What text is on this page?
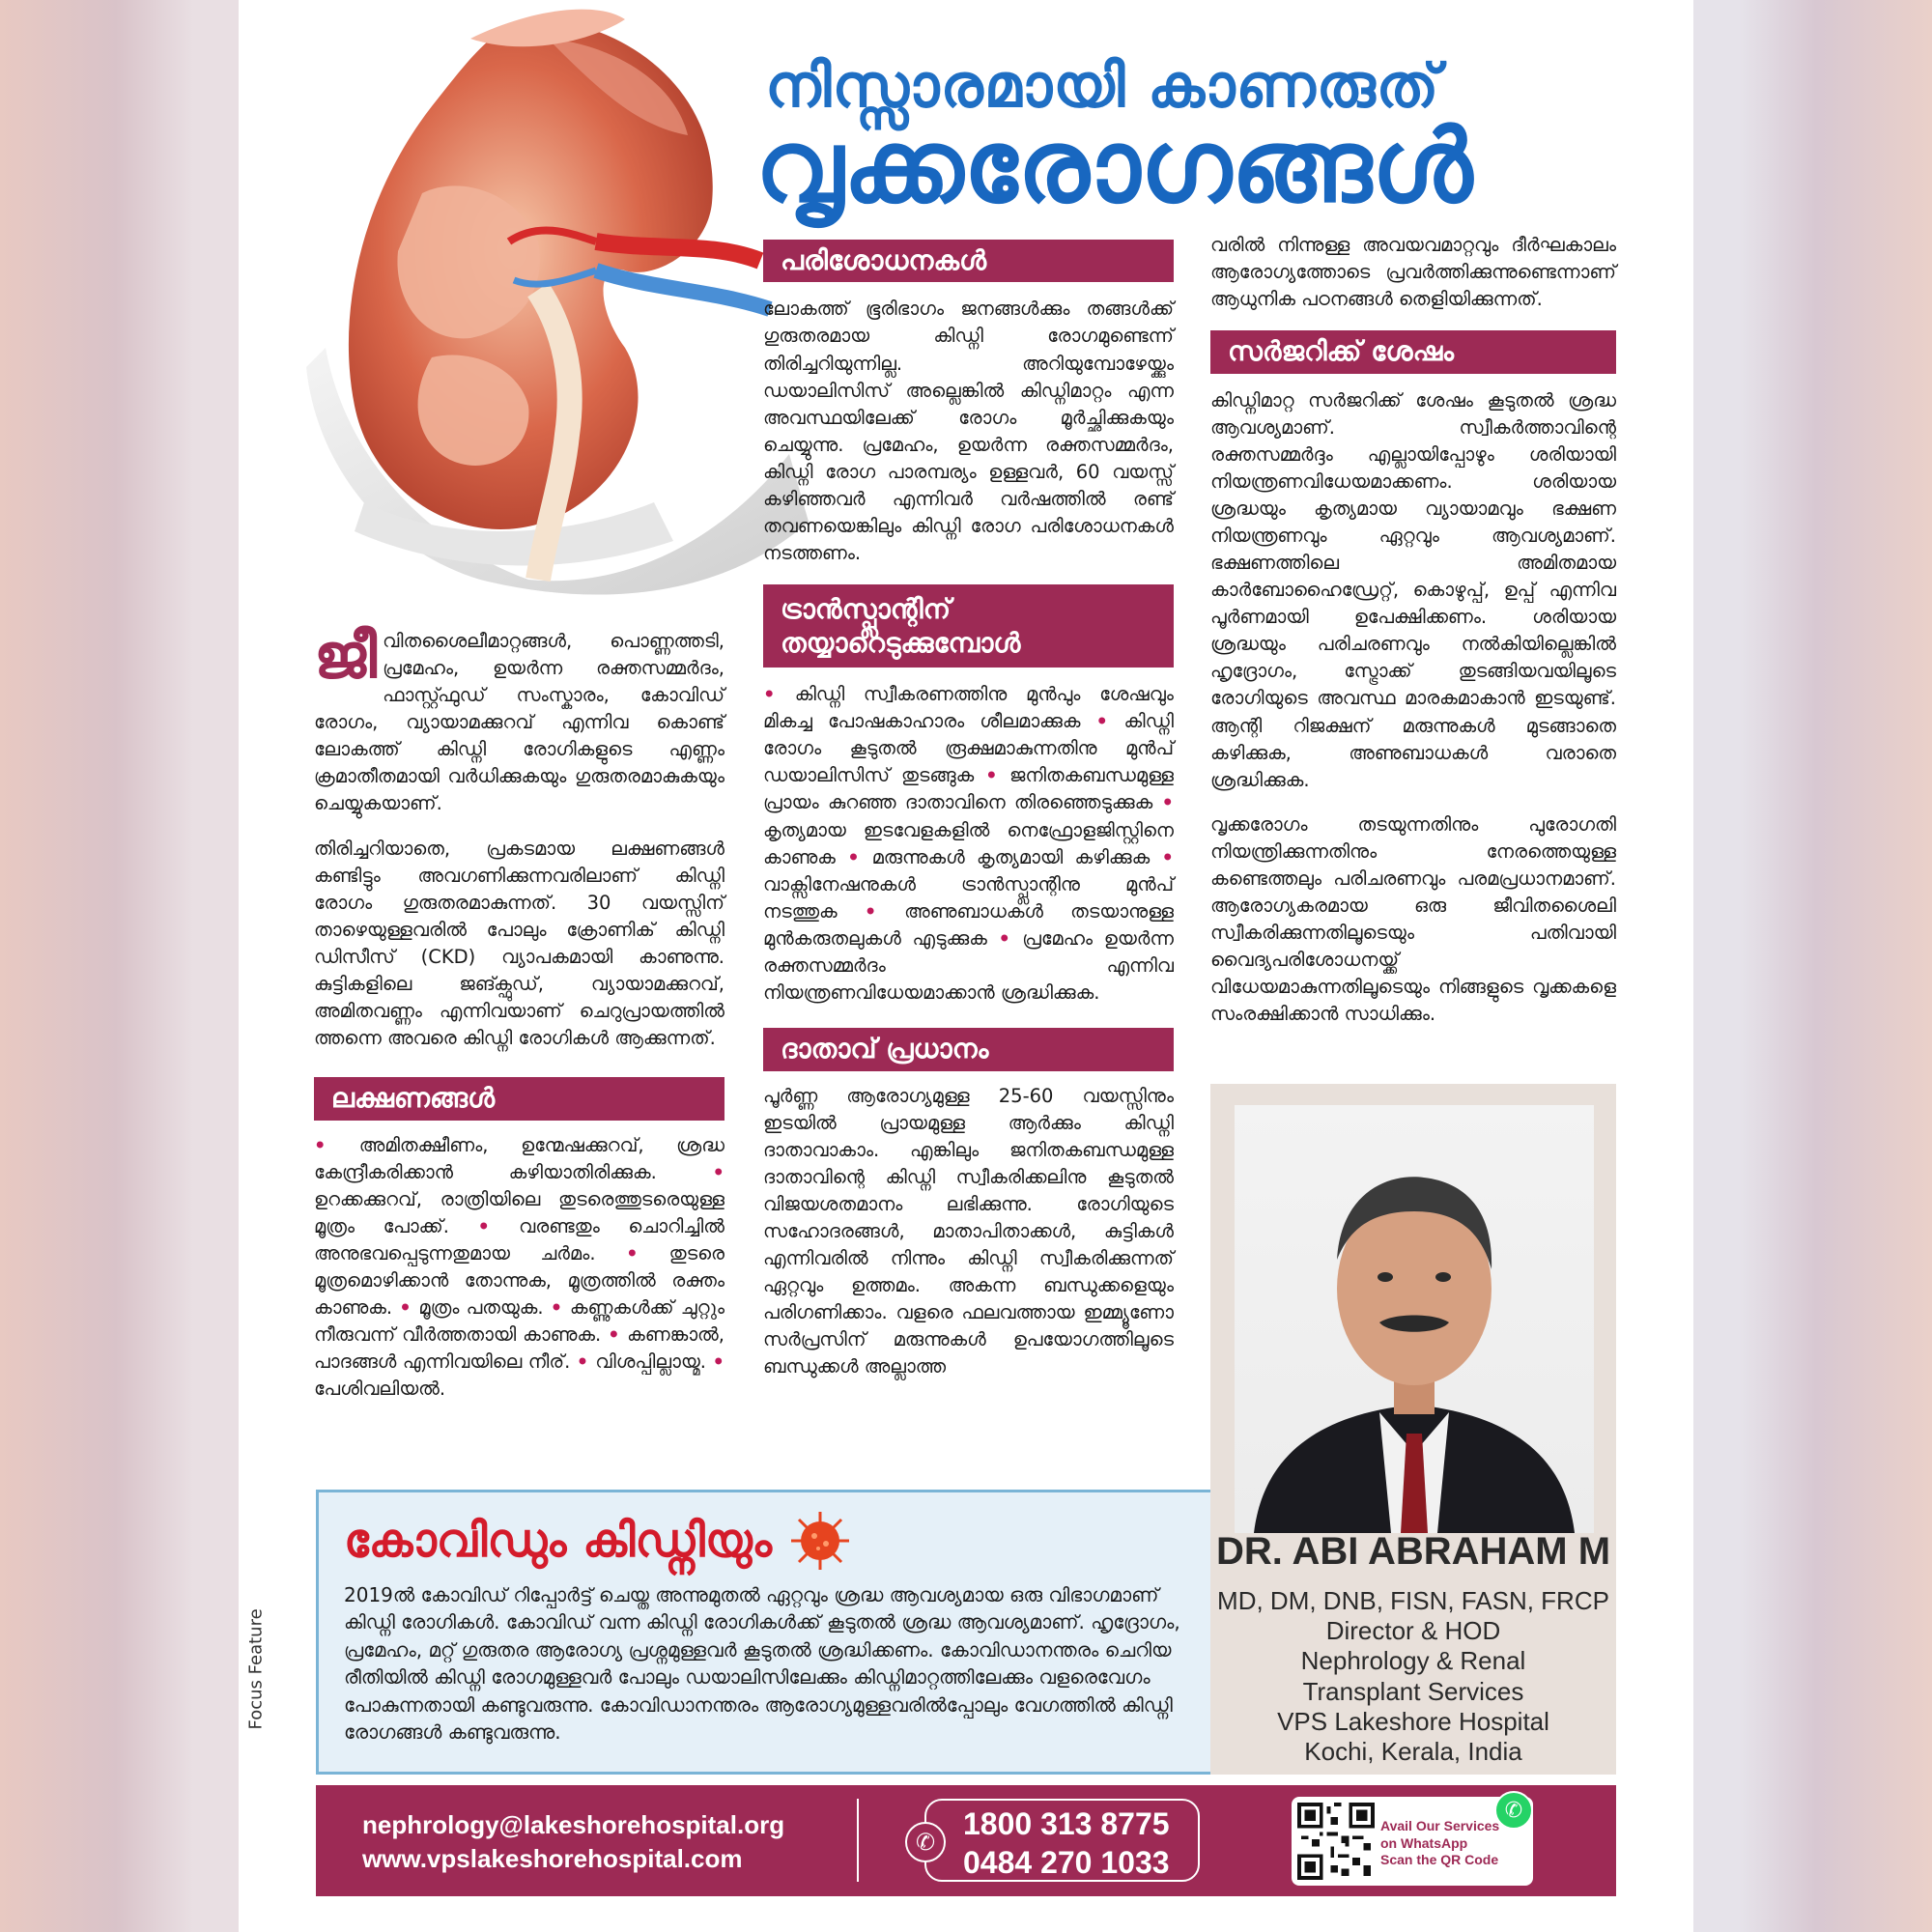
നിസ്സാരമായി കാണരുത്
വൃക്കരോഗങ്ങൾ

ജീ വിതശൈലീമാറ്റങ്ങൾ, പൊണ്ണത്തടി, പ്രമേഹം, ഉയർന്ന രക്തസമ്മർദം, ഫാസ്റ്റ്ഫുഡ് സംസ്കാരം, കോവിഡ് രോഗം, വ്യായാമക്കുറവ് എന്നിവ കൊണ്ട് ലോകത്ത് കിഡ്നി രോഗികളുടെ എണ്ണം ക്രമാതീതമായി വർധിക്കുകയും ഗുരുതരമാകുകയും ചെയ്യുകയാണ്.

തിരിച്ചറിയാതെ, പ്രകടമായ ലക്ഷണങ്ങൾ കണ്ടിട്ടും അവഗണിക്കുന്നവരിലാണ് കിഡ്നി രോഗം ഗുരുതരമാകുന്നത്. 30 വയസ്സിന് താഴെയുള്ളവരിൽ പോലും ക്രോണിക് കിഡ്നി ഡിസീസ് (CKD) വ്യാപകമായി കാണുന്നു. കുട്ടികളിലെ ജങ്ക്ഫുഡ്, വ്യായാമക്കുറവ്, അമിതവണ്ണം എന്നിവയാണ് ചെറുപ്രായത്തിൽ ത്തന്നെ അവരെ കിഡ്നി രോഗികൾ ആക്കുന്നത്.

ലക്ഷണങ്ങൾ

• അമിതക്ഷീണം, ഉന്മേഷക്കുറവ്, ശ്രദ്ധ കേന്ദ്രീകരിക്കാൻ കഴിയാതിരിക്കുക. • ഉറക്കക്കുറവ്, രാത്രിയിലെ തുടരെത്തുടരെയുള്ള മൂത്രം പോക്ക്. • വരണ്ടതും ചൊറിച്ചിൽ അനുഭവപ്പെടുന്നതുമായ ചർമം. • തുടരെ മൂത്രമൊഴിക്കാൻ തോന്നുക, മൂത്രത്തിൽ രക്തം കാണുക. • മൂത്രം പതയുക. • കണ്ണുകൾക്ക് ചുറ്റും നീരുവന്ന് വീർത്തതായി കാണുക. • കണങ്കാൽ, പാദങ്ങൾ എന്നിവയിലെ നീര്. • വിശപ്പില്ലായ്മ. • പേശിവലിയൽ.

പരിശോധനകൾ

ലോകത്ത് ഭൂരിഭാഗം ജനങ്ങൾക്കും തങ്ങൾക്ക് ഗുരുതരമായ കിഡ്നി രോഗമുണ്ടെന്ന് തിരിച്ചറിയുന്നില്ല. അറിയുമ്പോഴേയ്ക്കും ഡയാലിസിസ് അല്ലെങ്കിൽ കിഡ്നിമാറ്റം എന്ന അവസ്ഥയിലേക്ക് രോഗം മൂർച്ഛിക്കുകയും ചെയ്യുന്നു. പ്രമേഹം, ഉയർന്ന രക്തസമ്മർദം, കിഡ്നി രോഗ പാരമ്പര്യം ഉള്ളവർ, 60 വയസ്സ് കഴിഞ്ഞവർ എന്നിവർ വർഷത്തിൽ രണ്ട് തവണയെങ്കിലും കിഡ്നി രോഗ പരിശോധനകൾ നടത്തണം.

ട്രാൻസ്പ്ലാന്റിന്
തയ്യാറെടുക്കുമ്പോൾ

• കിഡ്നി സ്വീകരണത്തിനു മുൻപും ശേഷവും മികച്ച പോഷകാഹാരം ശീലമാക്കുക • കിഡ്നി രോഗം കൂടുതൽ രൂക്ഷമാകുന്നതിനു മുൻപ് ഡയാലിസിസ് തുടങ്ങുക • ജനിതകബന്ധമുള്ള പ്രായം കുറഞ്ഞ ദാതാവിനെ തിരഞ്ഞെടുക്കുക • കൃത്യമായ ഇടവേളകളിൽ നെഫ്രോളജിസ്റ്റിനെ കാണുക • മരുന്നുകൾ കൃത്യമായി കഴിക്കുക • വാക്സിനേഷനുകൾ ട്രാൻസ്പ്ലാന്റിനു മുൻപ് നടത്തുക • അണുബാധകൾ തടയാനുള്ള മുൻകരുതലുകൾ എടുക്കുക • പ്രമേഹം ഉയർന്ന രക്തസമ്മർദം എന്നിവ നിയന്ത്രണവിധേയമാക്കാൻ ശ്രദ്ധിക്കുക.

ദാതാവ് പ്രധാനം

പൂർണ്ണ ആരോഗ്യമുള്ള 25-60 വയസ്സിനും ഇടയിൽ പ്രായമുള്ള ആർക്കും കിഡ്നി ദാതാവാകാം. എങ്കിലും ജനിതകബന്ധമുള്ള ദാതാവിന്റെ കിഡ്നി സ്വീകരിക്കലിനു കൂടുതൽ വിജയശതമാനം ലഭിക്കുന്നു. രോഗിയുടെ സഹോദരങ്ങൾ, മാതാപിതാക്കൾ, കുട്ടികൾ എന്നിവരിൽ നിന്നും കിഡ്നി സ്വീകരിക്കുന്നത് ഏറ്റവും ഉത്തമം. അകന്ന ബന്ധുക്കളെയും പരിഗണിക്കാം. വളരെ ഫലവത്തായ ഇമ്മ്യൂണോ സർപ്രസിന് മരുന്നുകൾ ഉപയോഗത്തിലൂടെ ബന്ധുക്കൾ അല്ലാത്ത

വരിൽ നിന്നുള്ള അവയവമാറ്റവും ദീർഘകാലം ആരോഗ്യത്തോടെ പ്രവർത്തിക്കുന്നുണ്ടെന്നാണ് ആധുനിക പഠനങ്ങൾ തെളിയിക്കുന്നത്.

സർജറിക്ക് ശേഷം

കിഡ്നിമാറ്റ സർജറിക്ക് ശേഷം കൂടുതൽ ശ്രദ്ധ ആവശ്യമാണ്. സ്വീകർത്താവിന്റെ രക്തസമ്മർദ്ദം എല്ലായിപ്പോഴും ശരിയായി നിയന്ത്രണവിധേയമാക്കണം. ശരിയായ ശ്രദ്ധയും കൃത്യമായ വ്യായാമവും ഭക്ഷണ നിയന്ത്രണവും ഏറ്റവും ആവശ്യമാണ്. ഭക്ഷണത്തിലെ അമിതമായ കാർബോഹൈഡ്രേറ്റ്, കൊഴുപ്പ്, ഉപ്പ് എന്നിവ പൂർണമായി ഉപേക്ഷിക്കണം. ശരിയായ ശ്രദ്ധയും പരിചരണവും നൽകിയില്ലെങ്കിൽ ഹൃദ്രോഗം, സ്ട്രോക്ക് തുടങ്ങിയവയിലൂടെ രോഗിയുടെ അവസ്ഥ മാരകമാകാൻ ഇടയുണ്ട്. ആന്റി റിജക്ഷന് മരുന്നുകൾ മുടങ്ങാതെ കഴിക്കുക, അണുബാധകൾ വരാതെ ശ്രദ്ധിക്കുക.

വൃക്കരോഗം തടയുന്നതിനും പുരോഗതി നിയന്ത്രിക്കുന്നതിനും നേരത്തെയുള്ള കണ്ടെത്തലും പരിചരണവും പരമപ്രധാനമാണ്. ആരോഗ്യകരമായ ഒരു ജീവിതശൈലി സ്വീകരിക്കുന്നതിലൂടെയും പതിവായി വൈദ്യപരിശോധനയ്ക്ക് വിധേയമാകുന്നതിലൂടെയും നിങ്ങളുടെ വൃക്കകളെ സംരക്ഷിക്കാൻ സാധിക്കും.

കോവിഡും കിഡ്നിയും

2019ൽ കോവിഡ് റിപ്പോർട്ട് ചെയ്ത അന്നുമുതൽ ഏറ്റവും ശ്രദ്ധ ആവശ്യമായ ഒരു വിഭാഗമാണ് കിഡ്നി രോഗികൾ. കോവിഡ് വന്ന കിഡ്നി രോഗികൾക്ക് കൂടുതൽ ശ്രദ്ധ ആവശ്യമാണ്. ഹൃദ്രോഗം, പ്രമേഹം, മറ്റ് ഗുരുതര ആരോഗ്യ പ്രശ്നമുള്ളവർ കൂടുതൽ ശ്രദ്ധിക്കണം. കോവിഡാനന്തരം ചെറിയ രീതിയിൽ കിഡ്നി രോഗമുള്ളവർ പോലും ഡയാലിസിലേക്കും കിഡ്നിമാറ്റത്തിലേക്കും വളരെവേഗം പോകുന്നതായി കണ്ടുവരുന്നു. കോവിഡാനന്തരം ആരോഗ്യമുള്ളവരിൽപ്പോലും വേഗത്തിൽ കിഡ്നി രോഗങ്ങൾ കണ്ടുവരുന്നു.

Focus Feature
DR. ABI ABRAHAM M
MD, DM, DNB, FISN, FASN, FRCP
Director & HOD
Nephrology & Renal
Transplant Services
VPS Lakeshore Hospital
Kochi, Kerala, India
nephrology@lakeshorehospital.org
www.vpslakeshorehospital.com
✆
1800 313 8775
0484 270 1033
Avail Our Services
on WhatsApp
Scan the QR Code
✆
